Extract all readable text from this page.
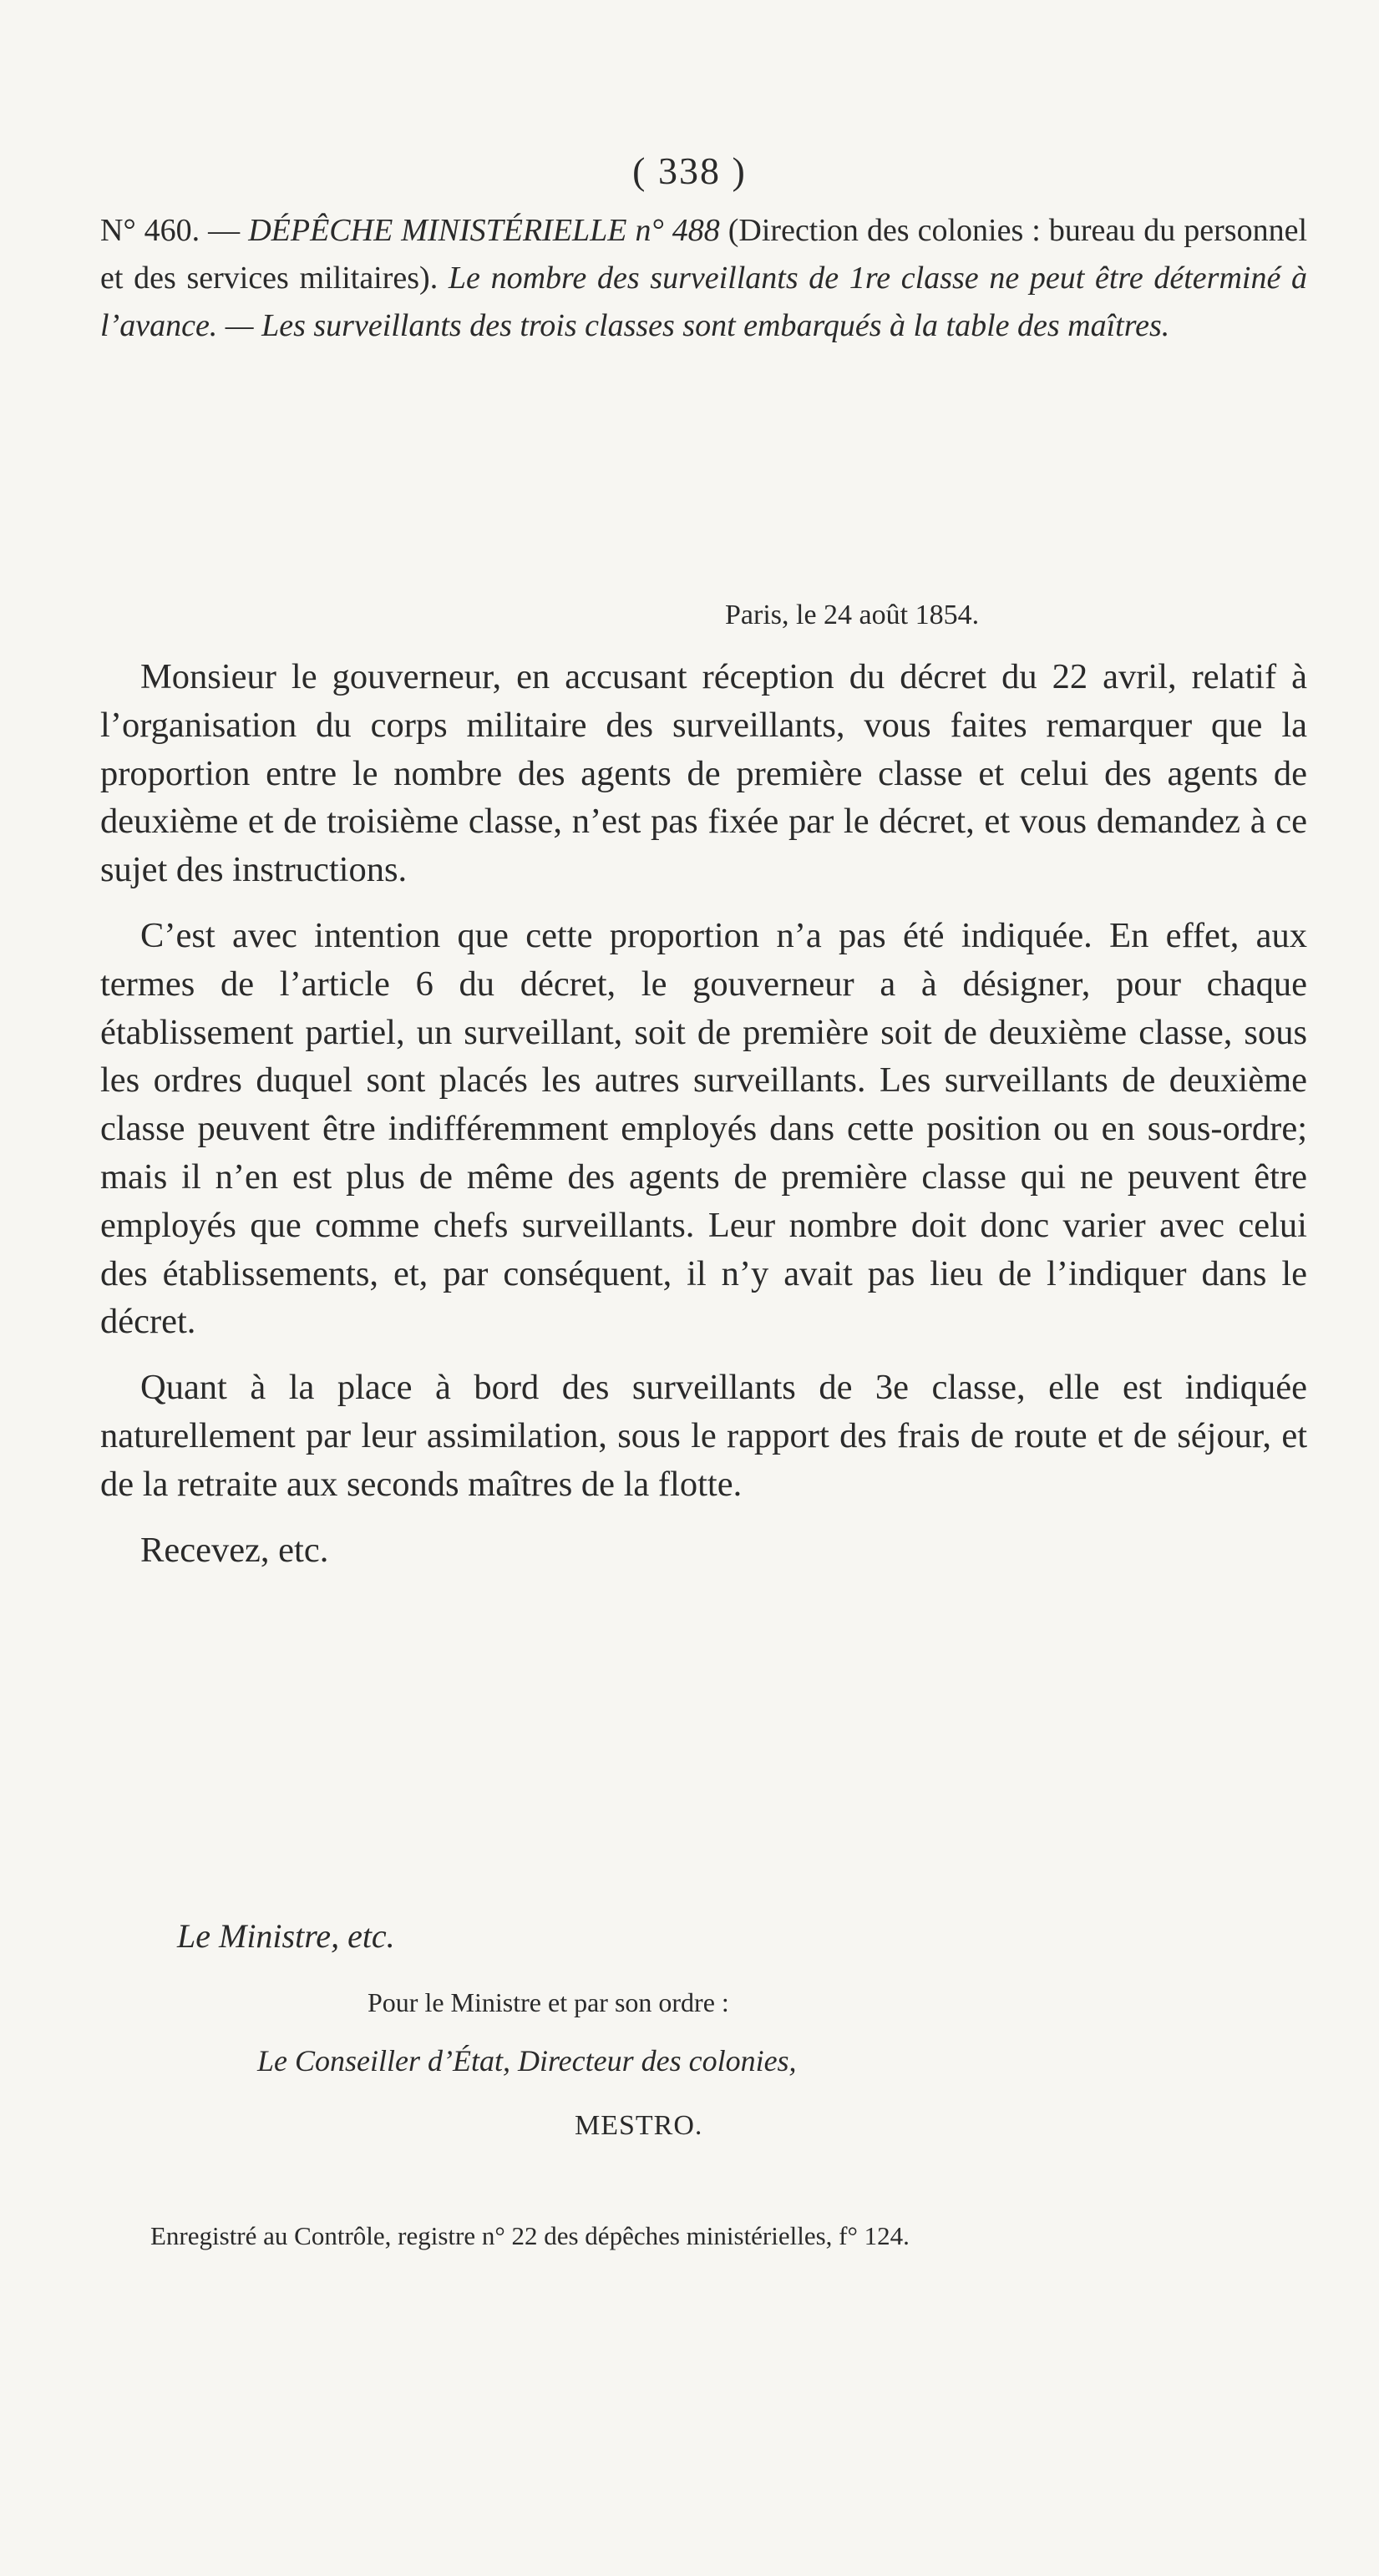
( 338 )
N° 460. — DÉPÊCHE MINISTÉRIELLE n° 488 (Direction des colonies : bureau du personnel et des services militaires). Le nombre des surveillants de 1re classe ne peut être déterminé à l’avance. — Les surveillants des trois classes sont embarqués à la table des maîtres.
Paris, le 24 août 1854.

Monsieur le gouverneur, en accusant réception du décret du 22 avril, relatif à l’organisation du corps militaire des surveillants, vous faites remarquer que la proportion entre le nombre des agents de première classe et celui des agents de deuxième et de troisième classe, n’est pas fixée par le décret, et vous demandez à ce sujet des instructions.

C’est avec intention que cette proportion n’a pas été indiquée. En effet, aux termes de l’article 6 du décret, le gouverneur a à désigner, pour chaque établissement partiel, un surveillant, soit de première soit de deuxième classe, sous les ordres duquel sont placés les autres surveillants. Les surveillants de deuxième classe peuvent être indifféremment employés dans cette position ou en sous-ordre; mais il n’en est plus de même des agents de première classe qui ne peuvent être employés que comme chefs surveillants. Leur nombre doit donc varier avec celui des établissements, et, par conséquent, il n’y avait pas lieu de l’indiquer dans le décret.

Quant à la place à bord des surveillants de 3e classe, elle est indiquée naturellement par leur assimilation, sous le rapport des frais de route et de séjour, et de la retraite aux seconds maîtres de la flotte.

Recevez, etc.

Le Ministre, etc.
Pour le Ministre et par son ordre :
Le Conseiller d’État, Directeur des colonies,
MESTRO.
Enregistré au Contrôle, registre n° 22 des dépêches ministérielles, f° 124.
